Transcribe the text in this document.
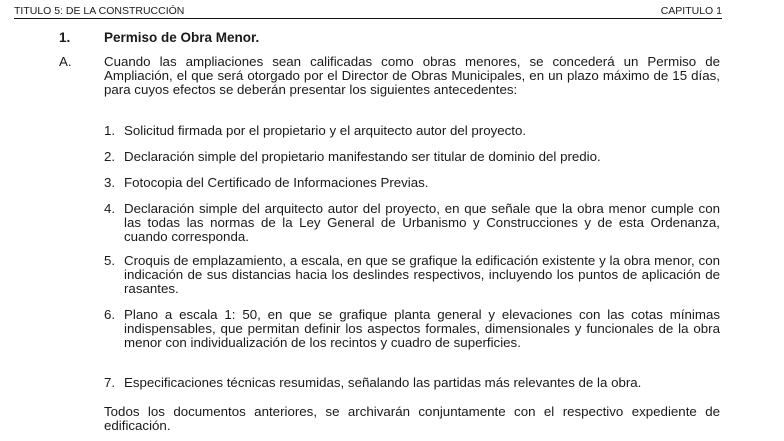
TITULO 5: DE LA CONSTRUCCIÓN	CAPITULO 1
1. Permiso de Obra Menor.
A. Cuando las ampliaciones sean calificadas como obras menores, se concederá un Permiso de Ampliación, el que será otorgado por el Director de Obras Municipales, en un plazo máximo de 15 días, para cuyos efectos se deberán presentar los siguientes antecedentes:
1. Solicitud firmada por el propietario y el arquitecto autor del proyecto.
2. Declaración simple del propietario manifestando ser titular de dominio del predio.
3. Fotocopia del Certificado de Informaciones Previas.
4. Declaración simple del arquitecto autor del proyecto, en que señale que la obra menor cumple con las todas las normas de la Ley General de Urbanismo y Construcciones y de esta Ordenanza, cuando corresponda.
5. Croquis de emplazamiento, a escala, en que se grafique la edificación existente y la obra menor, con indicación de sus distancias hacia los deslindes respectivos, incluyendo los puntos de aplicación de rasantes.
6. Plano a escala 1: 50, en que se grafique planta general y elevaciones con las cotas mínimas indispensables, que permitan definir los aspectos formales, dimensionales y funcionales de la obra menor con individualización de los recintos y cuadro de superficies.
7. Especificaciones técnicas resumidas, señalando las partidas más relevantes de la obra.
Todos los documentos anteriores, se archivarán conjuntamente con el respectivo expediente de edificación.
